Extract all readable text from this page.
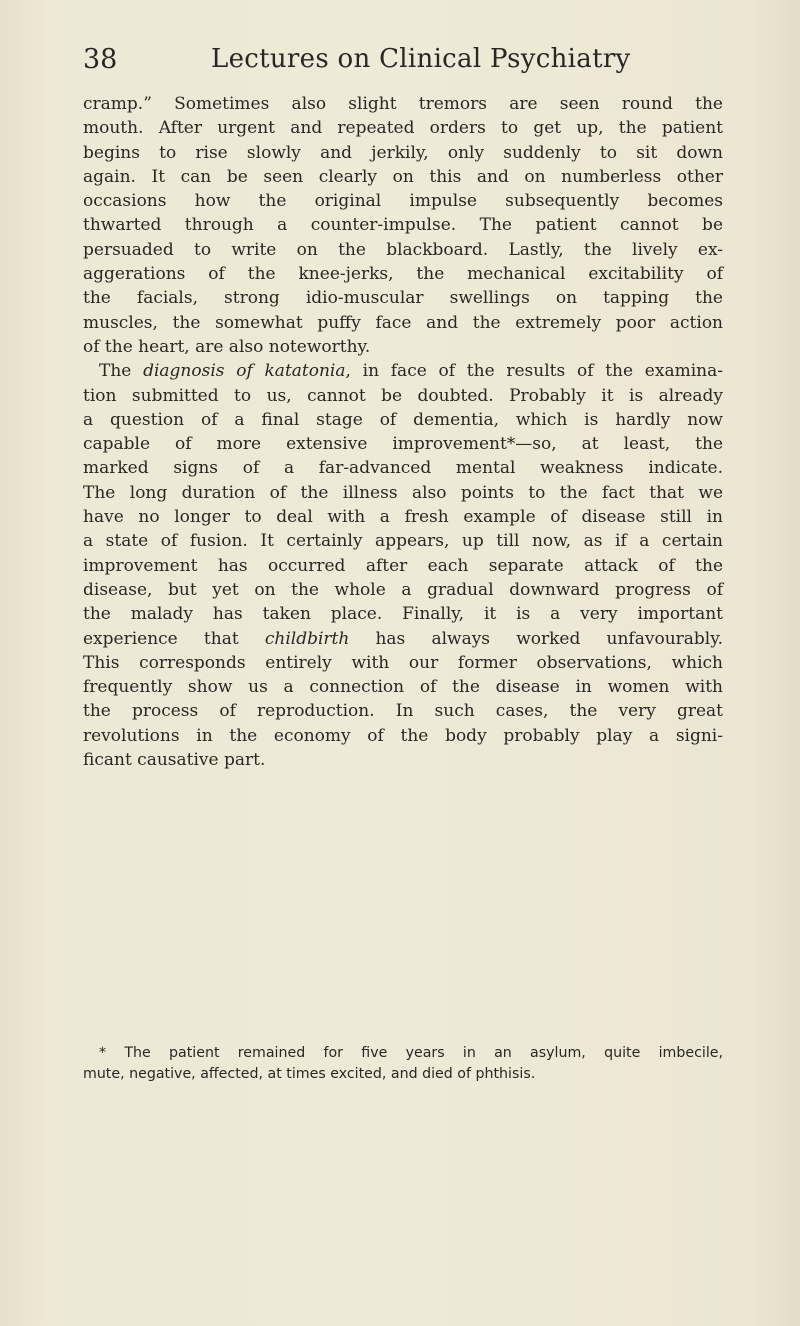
38	Lectures on Clinical Psychiatry
cramp.” Sometimes also slight tremors are seen round the
mouth. After urgent and repeated orders to get up, the patient
begins to rise slowly and jerkily, only suddenly to sit down
again. It can be seen clearly on this and on numberless other
occasions how the original impulse subsequently becomes
thwarted through a counter-impulse. The patient cannot be
persuaded to write on the blackboard. Lastly, the lively ex-
aggerations of the knee-jerks, the mechanical excitability of
the facials, strong idio-muscular swellings on tapping the
muscles, the somewhat puffy face and the extremely poor action
of the heart, are also noteworthy.
The diagnosis of katatonia, in face of the results of the examina-
tion submitted to us, cannot be doubted. Probably it is already
a question of a final stage of dementia, which is hardly now
capable of more extensive improvement*—so, at least, the
marked signs of a far-advanced mental weakness indicate.
The long duration of the illness also points to the fact that we
have no longer to deal with a fresh example of disease still in
a state of fusion. It certainly appears, up till now, as if a certain
improvement has occurred after each separate attack of the
disease, but yet on the whole a gradual downward progress of
the malady has taken place. Finally, it is a very important
experience that childbirth has always worked unfavourably.
This corresponds entirely with our former observations, which
frequently show us a connection of the disease in women with
the process of reproduction. In such cases, the very great
revolutions in the economy of the body probably play a signi-
ficant causative part.
* The patient remained for five years in an asylum, quite imbecile,
mute, negative, affected, at times excited, and died of phthisis.
